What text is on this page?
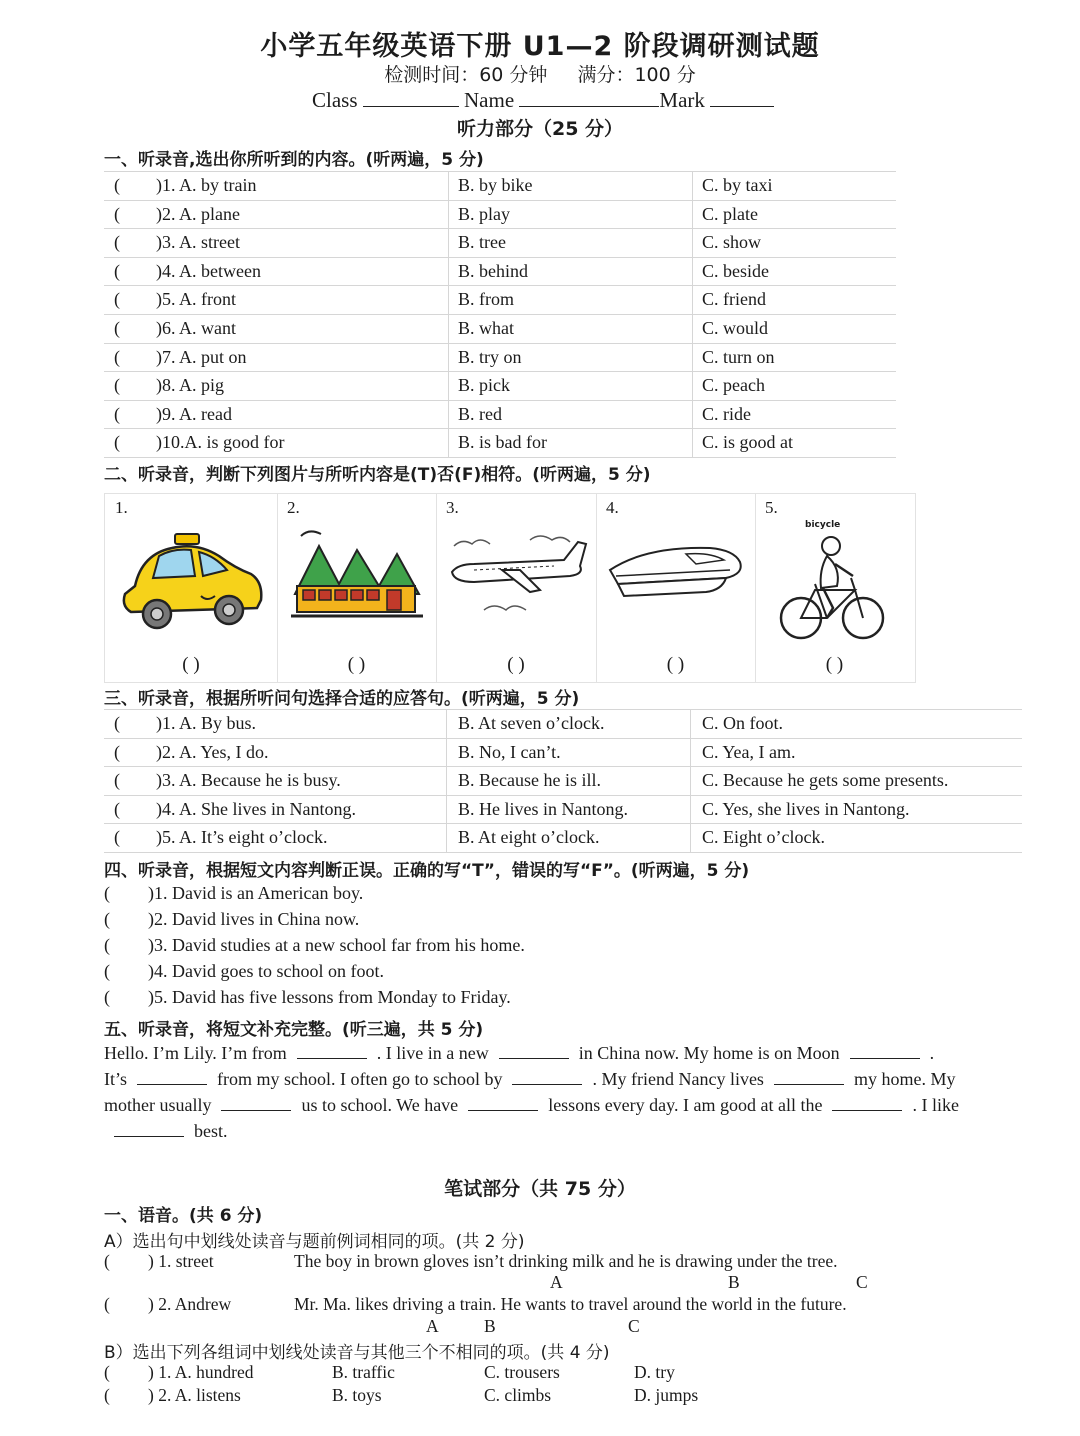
小学五年级英语下册 U1—2 阶段调研测试题
检测时间：60 分钟 满分：100 分
Class	Name	Mark
听力部分（25 分）
一、听录音,选出你所听到的内容。(听两遍，5 分)
( )1. A. by train	B. by bike	C. by taxi
( )2. A. plane	B. play	C. plate
( )3. A. street	B. tree	C. show
( )4. A. between	B. behind	C. beside
( )5. A. front	B. from	C. friend
( )6. A. want	B. what	C. would
( )7. A. put on	B. try on	C. turn on
( )8. A. pig	B. pick	C. peach
( )9. A. read	B. red	C. ride
( )10.A. is good for	B. is bad for	C. is good at
二、听录音，判断下列图片与所听内容是(T)否(F)相符。(听两遍，5 分)
1.
( )
2.
( )
3.
( )
4.
( )
5.
bicycle
( )
三、听录音，根据所听问句选择合适的应答句。(听两遍，5 分)
( )1. A. By bus.	B. At seven o’clock.	C. On foot.
( )2. A. Yes, I do.	B. No, I can’t.	C. Yea, I am.
( )3. A. Because he is busy.	B. Because he is ill.	C. Because he gets some presents.
( )4. A. She lives in Nantong.	B. He lives in Nantong.	C. Yes, she lives in Nantong.
( )5. A. It’s eight o’clock.	B. At eight o’clock.	C. Eight o’clock.
四、听录音，根据短文内容判断正误。正确的写“T”，错误的写“F”。(听两遍，5 分)
( )1. David is an American boy.
( )2. David lives in China now.
( )3. David studies at a new school far from his home.
( )4. David goes to school on foot.
( )5. David has five lessons from Monday to Friday.
五、听录音，将短文补充完整。(听三遍，共 5 分)
Hello. I’m Lily. I’m from	. I live in a new	in China now. My home is on Moon	.
It’s	from my school. I often go to school by	. My friend Nancy lives	my home. My
mother usually	us to school. We have	lessons every day. I am good at all the	. I like
best.
笔试部分（共 75 分）
一、语音。(共 6 分)
A）选出句中划线处读音与题前例词相同的项。(共 2 分)
( ) 1. street	The boy in brown gloves isn’t drinking milk and he is drawing under the tree.
A	B	C
( ) 2. Andrew	Mr. Ma. likes driving a train. He wants to travel around the world in the future.
A	B	C
B）选出下列各组词中划线处读音与其他三个不相同的项。(共 4 分)
( ) 1. A. hundred	B. traffic	C. trousers	D. try
( ) 2. A. listens	B. toys	C. climbs	D. jumps
